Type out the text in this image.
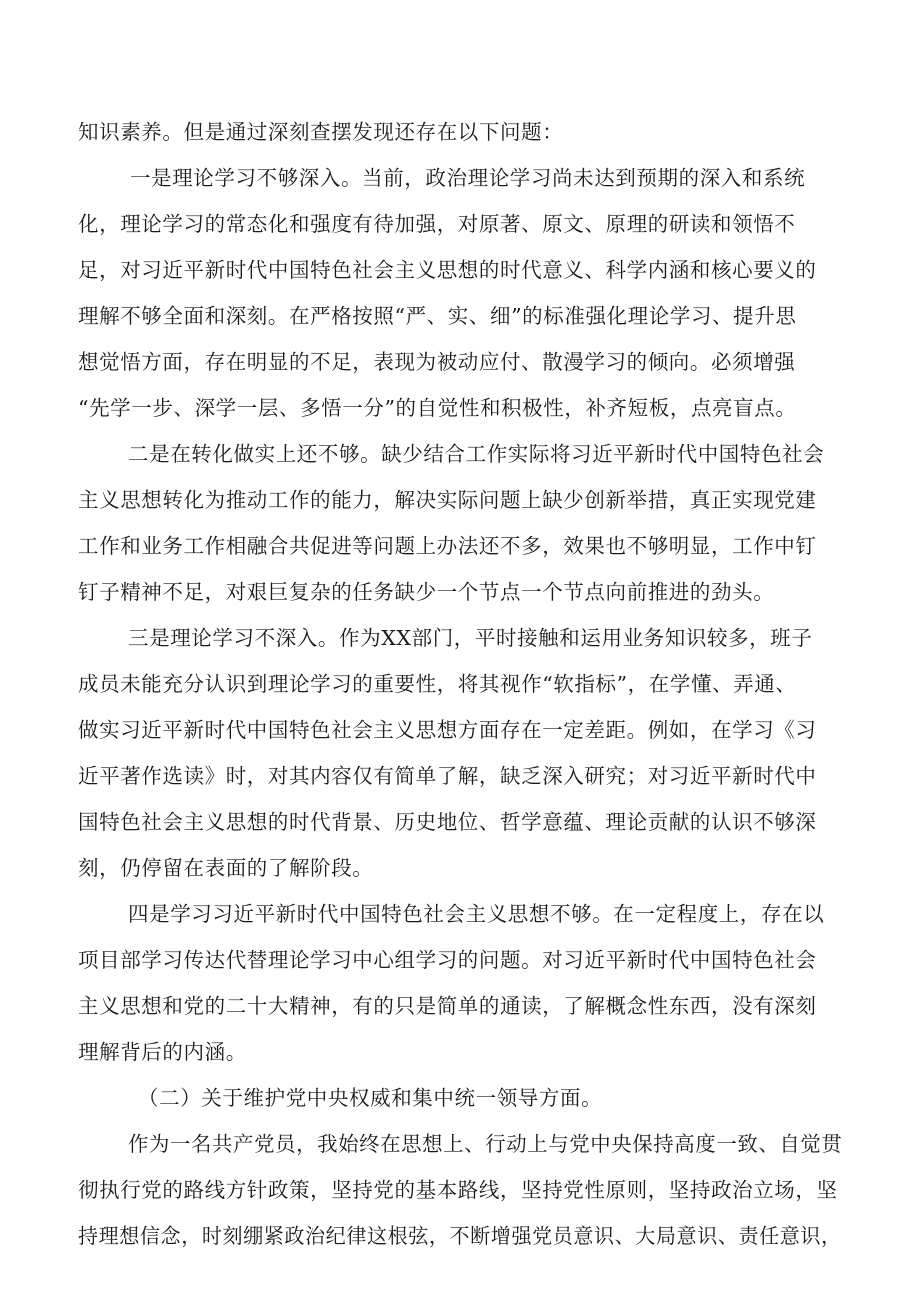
知识素养。但是通过深刻查摆发现还存在以下问题：
一是理论学习不够深入。当前，政治理论学习尚未达到预期的深入和系统
化，理论学习的常态化和强度有待加强，对原著、原文、原理的研读和领悟不
足，对习近平新时代中国特色社会主义思想的时代意义、科学内涵和核心要义的
理解不够全面和深刻。在严格按照“严、实、细”的标准强化理论学习、提升思
想觉悟方面，存在明显的不足，表现为被动应付、散漫学习的倾向。必须增强
“先学一步、深学一层、多悟一分”的自觉性和积极性，补齐短板，点亮盲点。
二是在转化做实上还不够。缺少结合工作实际将习近平新时代中国特色社会
主义思想转化为推动工作的能力，解决实际问题上缺少创新举措，真正实现党建
工作和业务工作相融合共促进等问题上办法还不多，效果也不够明显，工作中钉
钉子精神不足，对艰巨复杂的任务缺少一个节点一个节点向前推进的劲头。
三是理论学习不深入。作为XX部门，平时接触和运用业务知识较多，班子
成员未能充分认识到理论学习的重要性，将其视作“软指标”，在学懂、弄通、
做实习近平新时代中国特色社会主义思想方面存在一定差距。例如，在学习《习
近平著作选读》时，对其内容仅有简单了解，缺乏深入研究；对习近平新时代中
国特色社会主义思想的时代背景、历史地位、哲学意蕴、理论贡献的认识不够深
刻，仍停留在表面的了解阶段。
四是学习习近平新时代中国特色社会主义思想不够。在一定程度上，存在以
项目部学习传达代替理论学习中心组学习的问题。对习近平新时代中国特色社会
主义思想和党的二十大精神，有的只是简单的通读，了解概念性东西，没有深刻
理解背后的内涵。
（二）关于维护党中央权威和集中统一领导方面。
作为一名共产党员，我始终在思想上、行动上与党中央保持高度一致、自觉贯
彻执行党的路线方针政策，坚持党的基本路线，坚持党性原则，坚持政治立场，坚
持理想信念，时刻绷紧政治纪律这根弦，不断增强党员意识、大局意识、责任意识，
